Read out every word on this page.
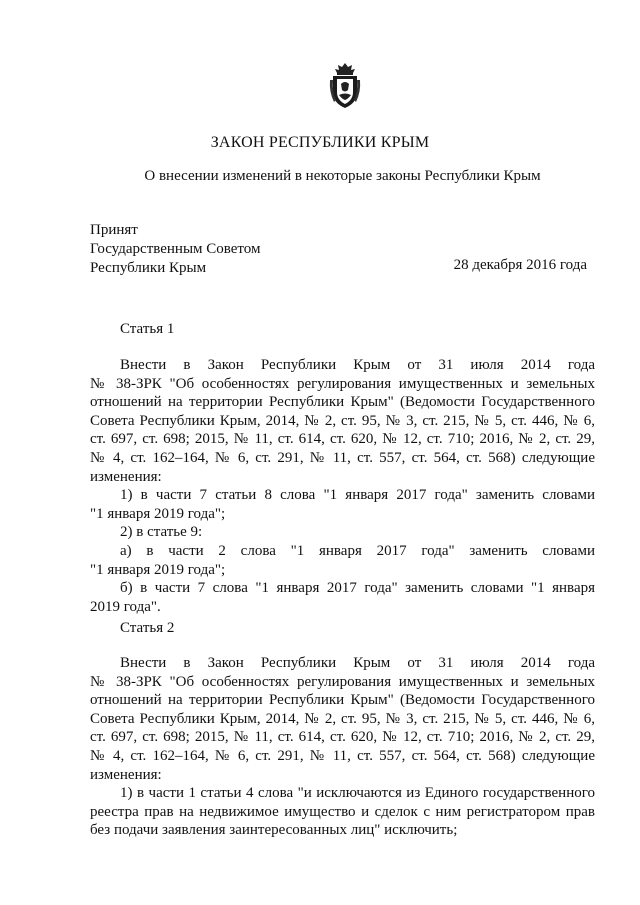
ЗАКОН РЕСПУБЛИКИ КРЫМ
О внесении изменений в некоторые законы Республики Крым
Принят
Государственным Советом
Республики Крым	28 декабря 2016 года
Статья 1
Внести в Закон Республики Крым от 31 июля 2014 года
№ 38-ЗРК "Об особенностях регулирования имущественных и земельных
отношений на территории Республики Крым" (Ведомости Государственного
Совета Республики Крым, 2014, № 2, ст. 95, № 3, ст. 215, № 5, ст. 446, № 6,
ст. 697, ст. 698; 2015, № 11, ст. 614, ст. 620, № 12, ст. 710; 2016, № 2, ст. 29,
№ 4, ст. 162–164, № 6, ст. 291, № 11, ст. 557, ст. 564, ст. 568) следующие
изменения:
1) в части 7 статьи 8 слова "1 января 2017 года" заменить словами
"1 января 2019 года";
2) в статье 9:
а) в части 2 слова "1 января 2017 года" заменить словами
"1 января 2019 года";
б) в части 7 слова "1 января 2017 года" заменить словами "1 января
2019 года".
Статья 2
Внести в Закон Республики Крым от 31 июля 2014 года
№ 38-ЗРК "Об особенностях регулирования имущественных и земельных
отношений на территории Республики Крым" (Ведомости Государственного
Совета Республики Крым, 2014, № 2, ст. 95, № 3, ст. 215, № 5, ст. 446, № 6,
ст. 697, ст. 698; 2015, № 11, ст. 614, ст. 620, № 12, ст. 710; 2016, № 2, ст. 29,
№ 4, ст. 162–164, № 6, ст. 291, № 11, ст. 557, ст. 564, ст. 568) следующие
изменения:
1) в части 1 статьи 4 слова "и исключаются из Единого государственного
реестра прав на недвижимое имущество и сделок с ним регистратором прав
без подачи заявления заинтересованных лиц" исключить;
